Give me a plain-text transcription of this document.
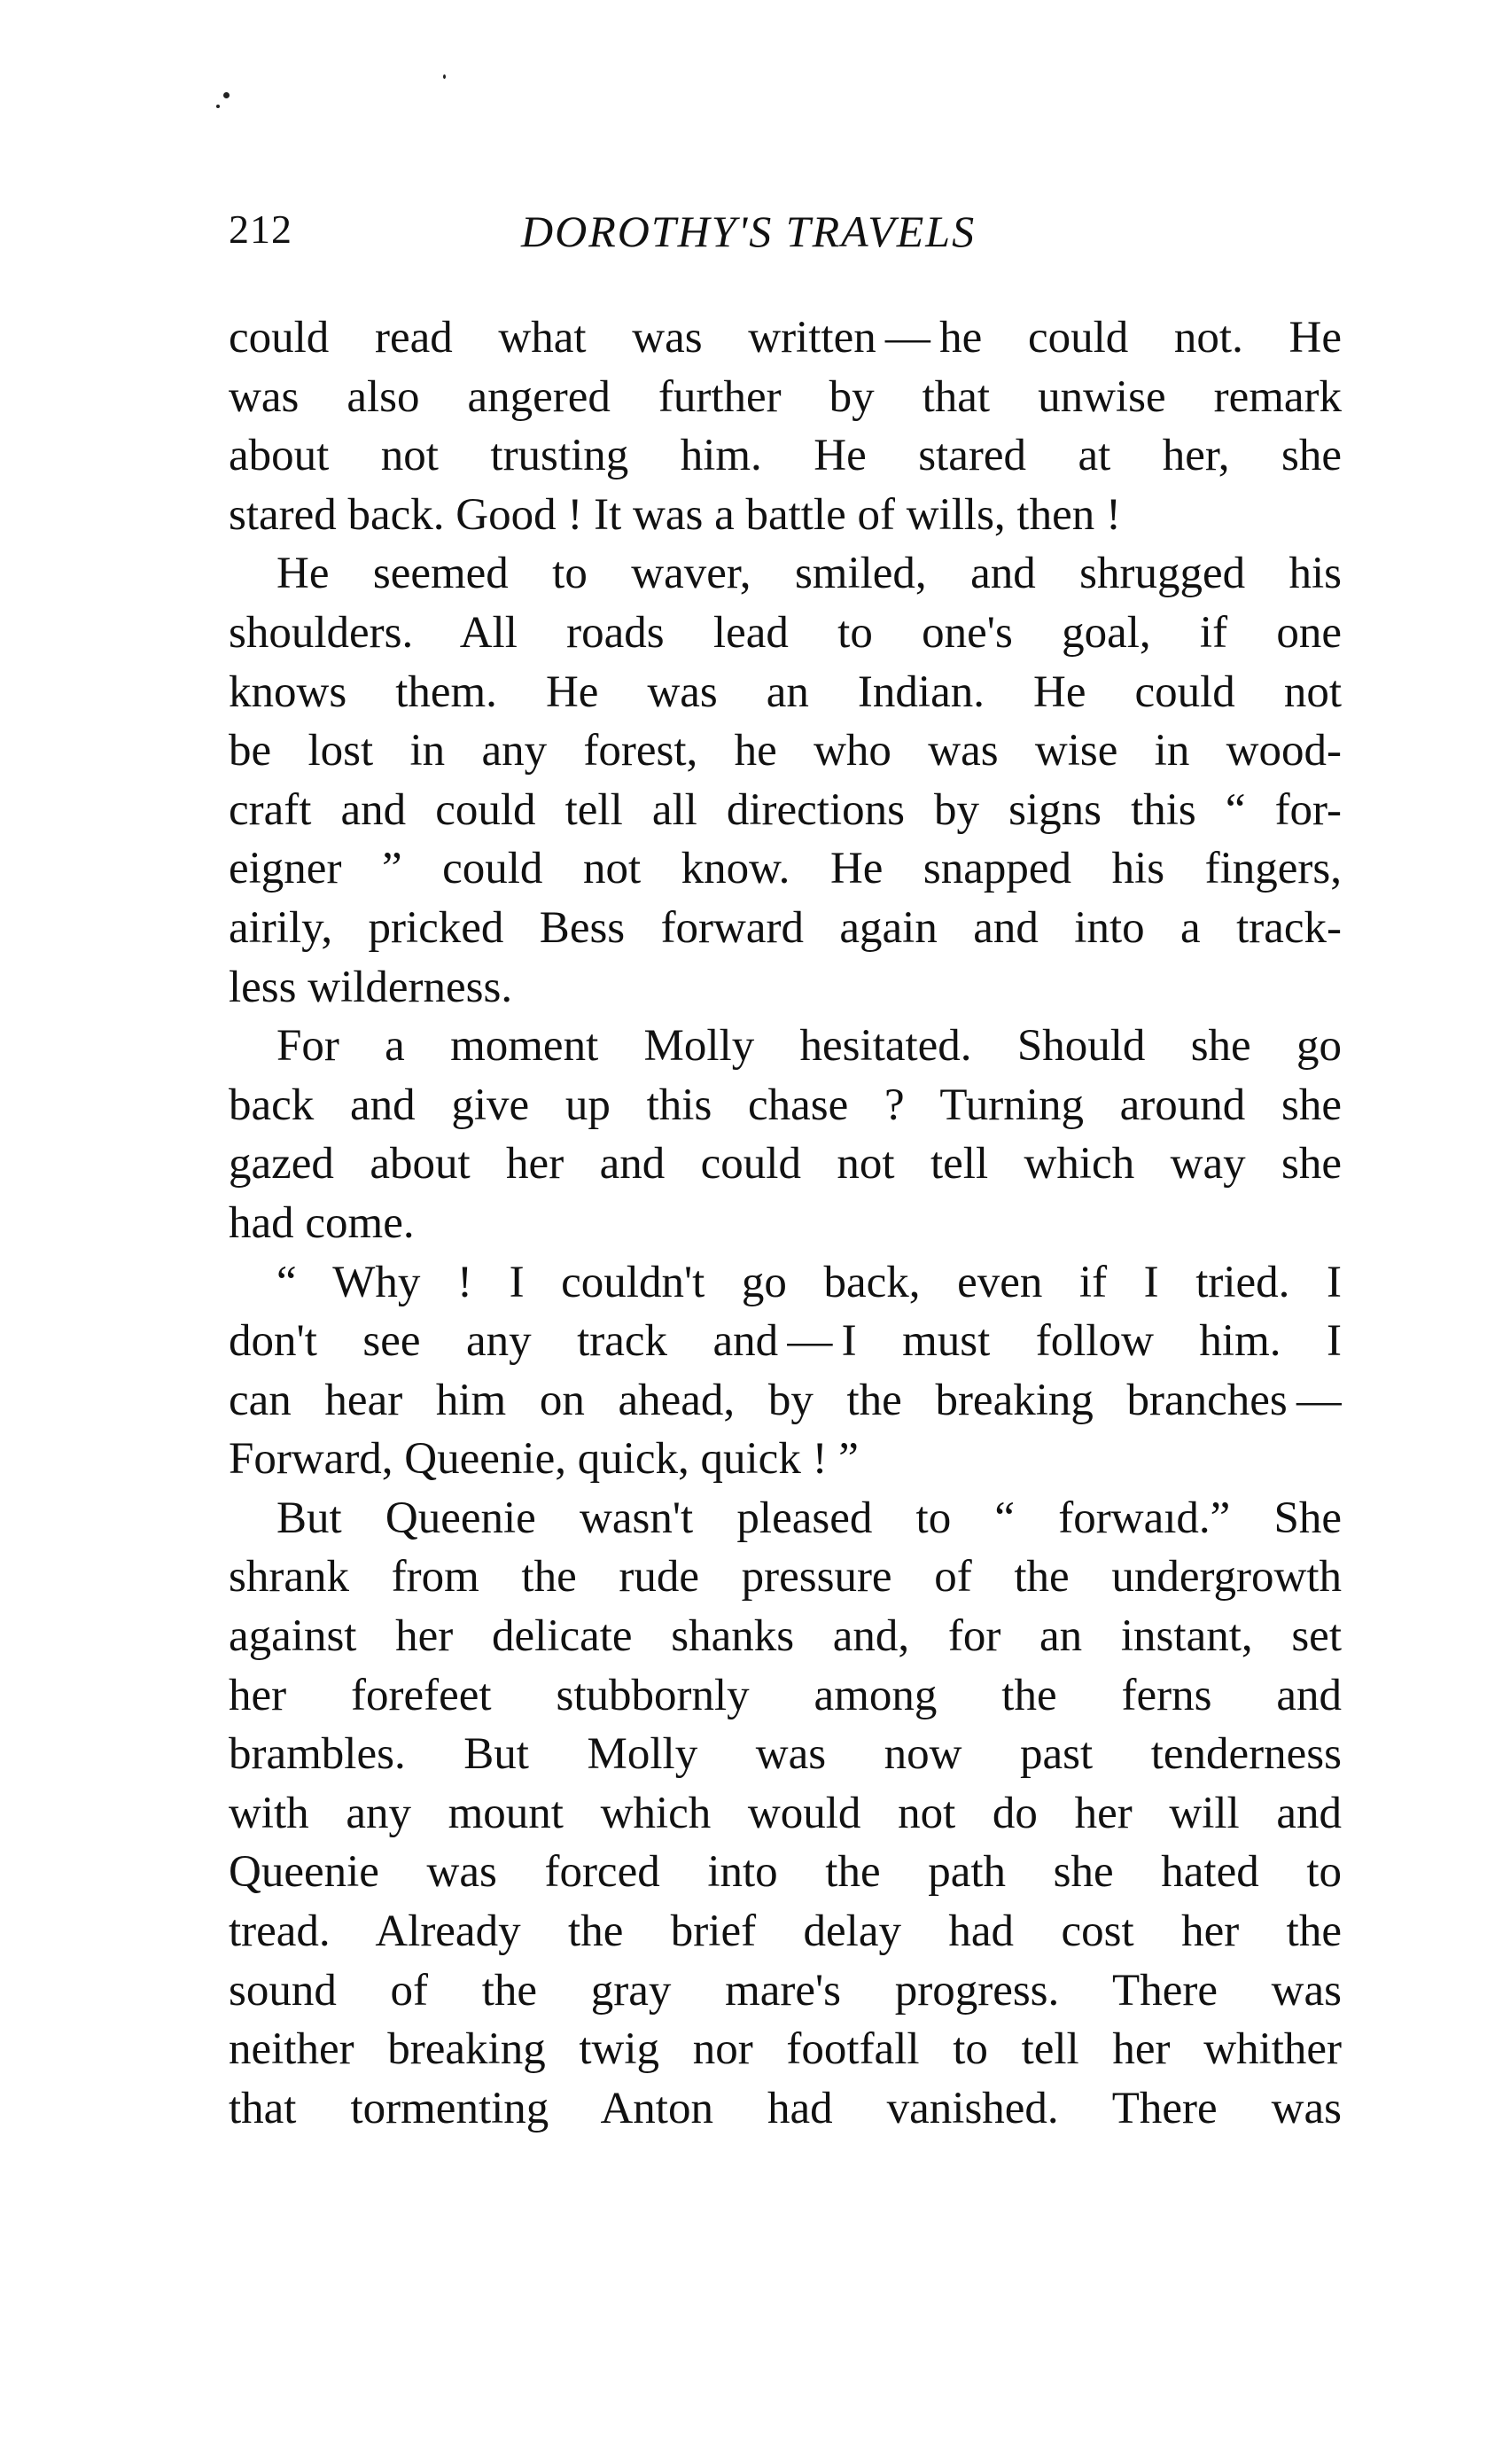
212	DOROTHY'S TRAVELS
could read what was written — he could not. He
was also angered further by that unwise remark
about not trusting him. He stared at her, she
stared back. Good ! It was a battle of wills, then !
He seemed to waver, smiled, and shrugged his
shoulders. All roads lead to one's goal, if one
knows them. He was an Indian. He could not
be lost in any forest, he who was wise in wood-
craft and could tell all directions by signs this “ for-
eigner ” could not know. He snapped his fingers,
airily, pricked Bess forward again and into a track-
less wilderness.
For a moment Molly hesitated. Should she go
back and give up this chase ? Turning around she
gazed about her and could not tell which way she
had come.
“ Why ! I couldn't go back, even if I tried. I
don't see any track and — I must follow him. I
can hear him on ahead, by the breaking branches —
Forward, Queenie, quick, quick ! ”
But Queenie wasn't pleased to “ forwaıd.” She
shrank from the rude pressure of the undergrowth
against her delicate shanks and, for an instant, set
her forefeet stubbornly among the ferns and
brambles. But Molly was now past tenderness
with any mount which would not do her will and
Queenie was forced into the path she hated to
tread. Already the brief delay had cost her the
sound of the gray mare's progress. There was
neither breaking twig nor footfall to tell her whither
that tormenting Anton had vanished. There was
